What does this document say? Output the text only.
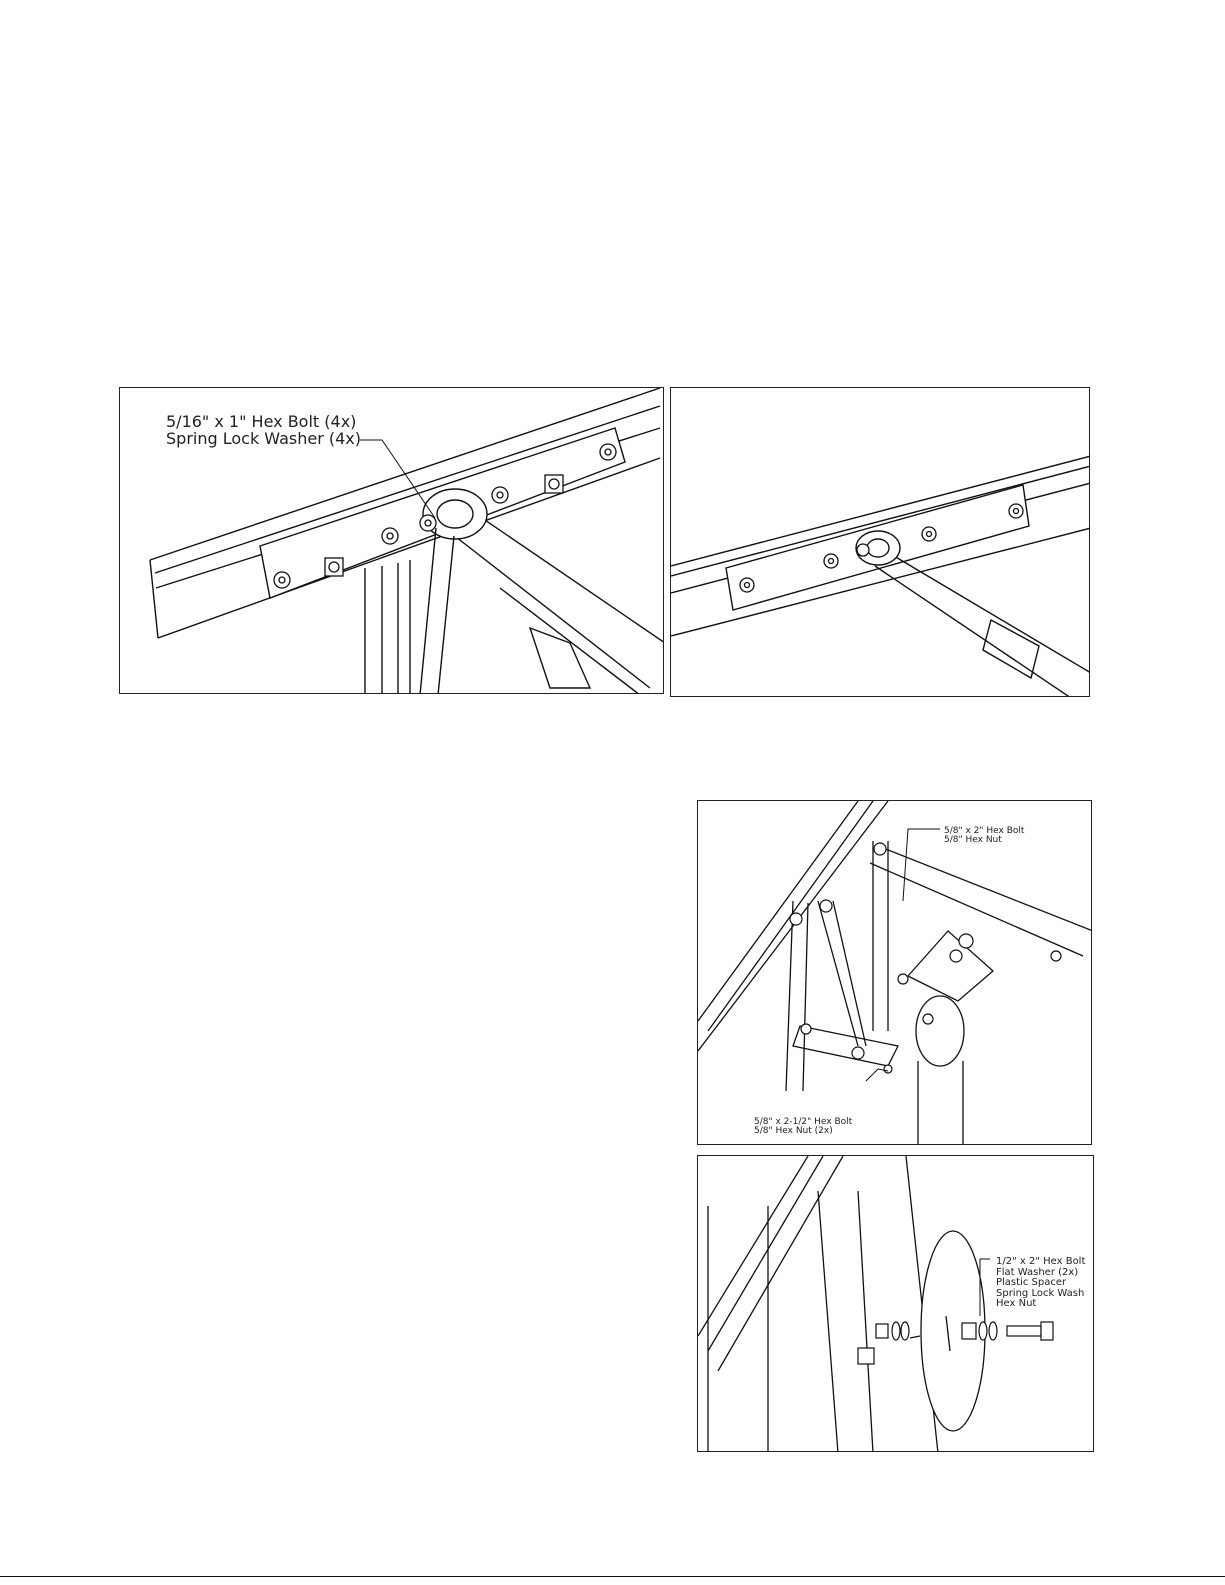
5/16" x 1" Hex Bolt (4x)
Spring Lock Washer (4x)
5/8" x 2" Hex Bolt
5/8" Hex Nut
5/8" x 2-1/2" Hex Bolt
5/8" Hex Nut (2x)
1/2" x 2" Hex Bolt
Flat Washer (2x)
Plastic Spacer
Spring Lock Wash
Hex Nut
